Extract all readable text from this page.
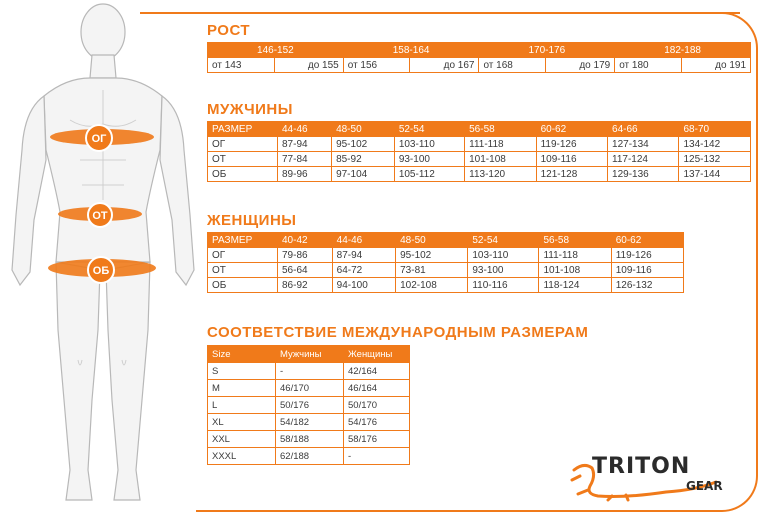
ОГ
ОТ
ОБ
РОСТ
146-152		158-164		170-176		182-188	
от 143	до 155	от 156	до 167	от 168	до 179	от 180	до 191
МУЖЧИНЫ
РАЗМЕР	44-46	48-50	52-54	56-58	60-62	64-66	68-70
ОГ	87-94	95-102	103-110	111-118	119-126	127-134	134-142
ОТ	77-84	85-92	93-100	101-108	109-116	117-124	125-132
ОБ	89-96	97-104	105-112	113-120	121-128	129-136	137-144
ЖЕНЩИНЫ
РАЗМЕР	40-42	44-46	48-50	52-54	56-58	60-62
ОГ	79-86	87-94	95-102	103-110	111-118	119-126
ОТ	56-64	64-72	73-81	93-100	101-108	109-116
ОБ	86-92	94-100	102-108	110-116	118-124	126-132
СООТВЕТСТВИЕ МЕЖДУНАРОДНЫМ РАЗМЕРАМ
Size	Мужчины	Женщины
S	-	42/164
M	46/170	46/164
L	50/176	50/170
XL	54/182	54/176
XXL	58/188	58/176
XXXL	62/188	-	TRITON
GEAR
